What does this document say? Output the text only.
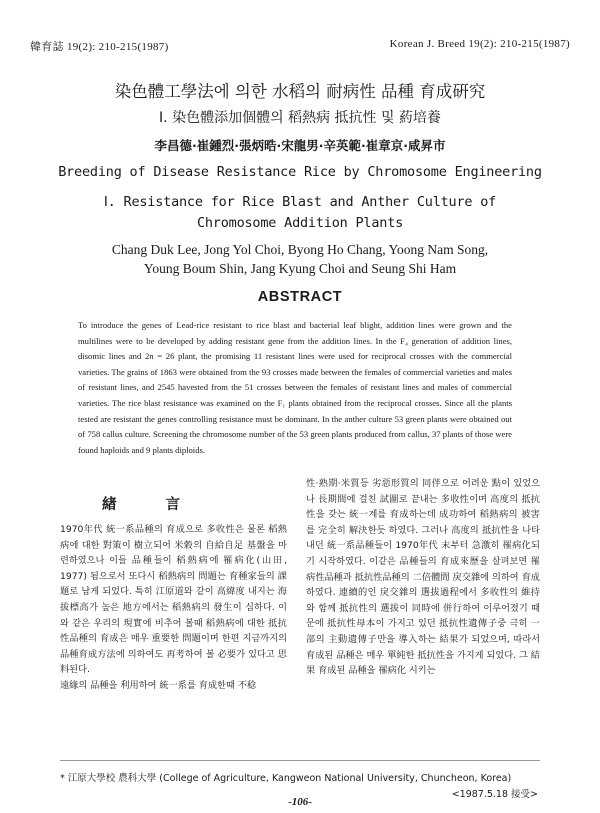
韓育誌 19(2): 210-215(1987)	Korean J. Breed 19(2): 210-215(1987)
染色體工學法에 의한 水稻의 耐病性 品種 育成硏究
Ⅰ. 染色體添加個體의 稻熱病 抵抗性 및 葯培養
李昌德·崔鍾烈·張炳晧·宋龍男·辛英範·崔章京·咸昇市
Breeding of Disease Resistance Rice by Chromosome Engineering
Ⅰ. Resistance for Rice Blast and Anther Culture of
Chromosome Addition Plants
Chang Duk Lee, Jong Yol Choi, Byong Ho Chang, Yoong Nam Song,
Young Boum Shin, Jang Kyung Choi and Seung Shi Ham
ABSTRACT

To introduce the genes of Lead-rice resistant to rice blast and bacterial leaf blight, addition lines were grown and the multilines were to be developed by adding resistant gene from the addition lines. In the F₄ generation of addition lines, disomic lines and 2n = 26 plant, the promising 11 resistant lines were used for reciprocal crosses with the commercial varieties. The grains of 1863 were obtained from the 93 crosses made between the females of commercial varieties and males of resistant lines, and 2545 havested from the 51 crosses between the females of resistant lines and males of commercial varieties. The rice blast resistance was examined on the F₁ plants obtained from the reciprocal crosses. Since all the plants tested are resistant the genes controlling resistance must be dominant. In the anther culture 53 green plants were obtained out of 758 callus culture. Screening the chromosome number of the 53 green plants produced from callus, 37 plants of those were found haploids and 9 plants diploids.

緖 言

1970年代 統一系品種의 育成으로 多收性은 물론 稻熱病에 대한 對策이 樹立되어 米穀의 自給自足 基盤을 마련하였으나 이들 品種들이 稻熱病에 罹病化(山田, 1977) 됨으로서 또다시 稻熱病의 問題는 育種家들의 課題로 남게 되었다. 특히 江原道와 같이 高緯度 내지는 海拔標高가 높은 地方에서는 稻熱病의 發生이 심하다. 이와 같은 우리의 現實에 비추어 볼때 稻熱病에 대한 抵抗性品種의 育成은 매우 重要한 問題이며 한편 지금까지의 品種育成方法에 의하여도 再考하여 볼 必要가 있다고 思料된다.

遠緣의 品種을 利用하여 統一系를 育成한때 不稔

性·熟期·米質등 劣惡形質의 同伴으로 어려운 點이 있었으나 長期間에 걸친 試圖로 끝내는 多收性이며 高度의 抵抗性을 갖는 統一계를 育成하는데 成功하여 稻熱病의 被害를 完全히 解決한듯 하였다. 그러나 高度의 抵抗性을 나타내던 統一系品種들이 1970年代 末부터 急激히 罹病化되기 시작하였다. 이같은 品種들의 育成來歷을 살펴보면 罹病性品種과 抵抗性品種의 二倍體間 戾交雜에 의하여 育成하였다. 連續的인 戾交雜의 選拔過程에서 多收性의 維持와 함께 抵抗性의 選拔이 同時에 併行하여 이루어졌기 때문에 抵抗性母本이 가지고 있던 抵抗性遺傳子중 극히 一部의 主動遺傳子만을 導入하는 結果가 되었으며, 따라서 育成된 品種은 매우 單純한 抵抗性을 가지게 되었다. 그 結果 育成된 品種을 罹病化 시키는

* 江原大學校 農科大學 (College of Agriculture, Kangweon National University, Chuncheon, Korea)
<1987.5.18 接受>
-106-
